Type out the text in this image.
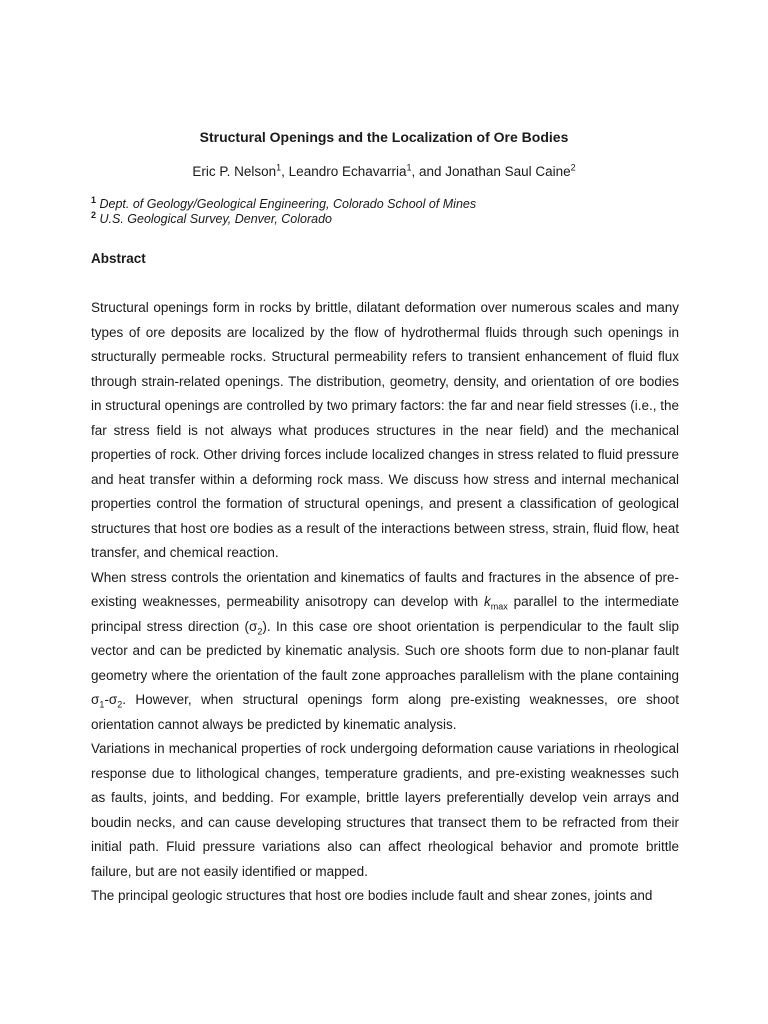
Structural Openings and the Localization of Ore Bodies
Eric P. Nelson$^1$, Leandro Echavarria$^1$, and Jonathan Saul Caine$^2$
$^1$ Dept. of Geology/Geological Engineering, Colorado School of Mines
$^2$ U.S. Geological Survey, Denver, Colorado
Abstract

Structural openings form in rocks by brittle, dilatant deformation over numerous scales and many types of ore deposits are localized by the flow of hydrothermal fluids through such openings in structurally permeable rocks. Structural permeability refers to transient enhancement of fluid flux through strain-related openings. The distribution, geometry, density, and orientation of ore bodies in structural openings are controlled by two primary factors: the far and near field stresses (i.e., the far stress field is not always what produces structures in the near field) and the mechanical properties of rock. Other driving forces include localized changes in stress related to fluid pressure and heat transfer within a deforming rock mass. We discuss how stress and internal mechanical properties control the formation of structural openings, and present a classification of geological structures that host ore bodies as a result of the interactions between stress, strain, fluid flow, heat transfer, and chemical reaction.

When stress controls the orientation and kinematics of faults and fractures in the absence of pre-existing weaknesses, permeability anisotropy can develop with $k_{max}$ parallel to the intermediate principal stress direction $(\sigma_2)$. In this case ore shoot orientation is perpendicular to the fault slip vector and can be predicted by kinematic analysis. Such ore shoots form due to non-planar fault geometry where the orientation of the fault zone approaches parallelism with the plane containing $\sigma_1-\sigma_2$. However, when structural openings form along pre-existing weaknesses, ore shoot orientation cannot always be predicted by kinematic analysis.

Variations in mechanical properties of rock undergoing deformation cause variations in rheological response due to lithological changes, temperature gradients, and pre-existing weaknesses such as faults, joints, and bedding. For example, brittle layers preferentially develop vein arrays and boudin necks, and can cause developing structures that transect them to be refracted from their initial path. Fluid pressure variations also can affect rheological behavior and promote brittle failure, but are not easily identified or mapped.

The principal geologic structures that host ore bodies include fault and shear zones, joints and
